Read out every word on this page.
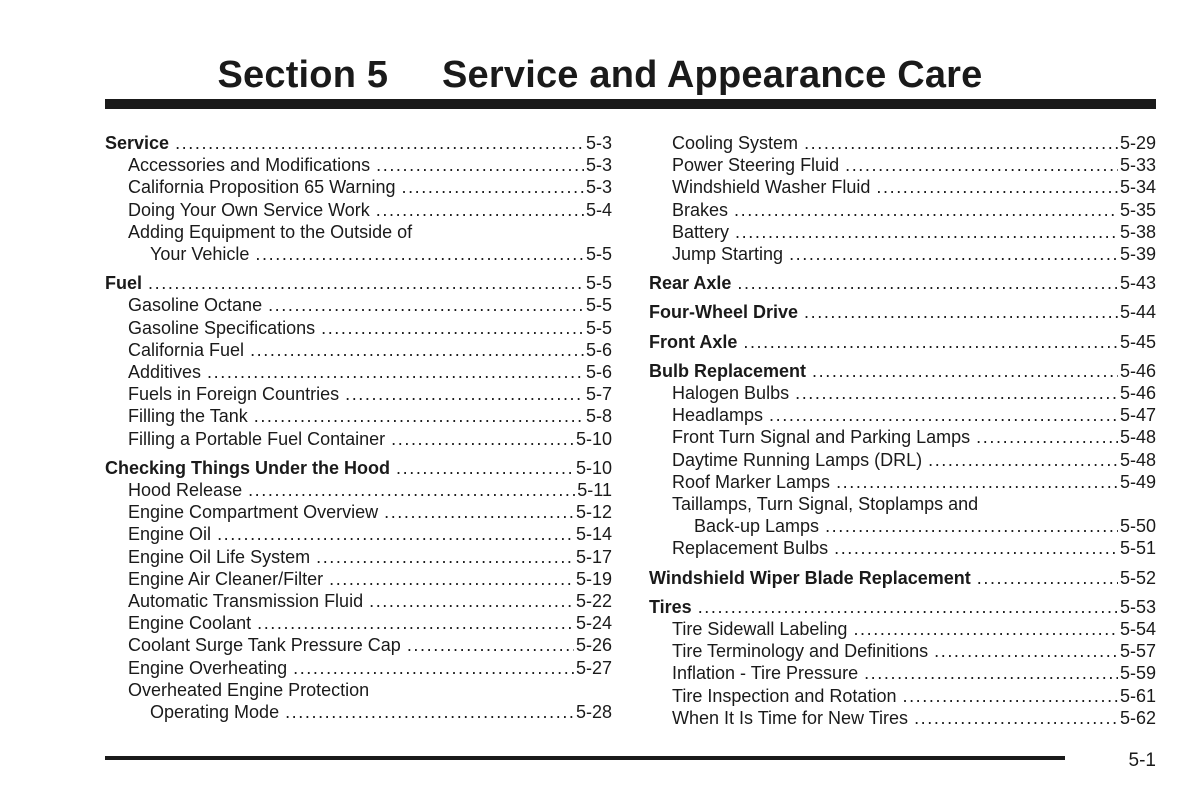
Section 5     Service and Appearance Care
Service .....	5-3
Accessories and Modifications .....	5-3
California Proposition 65 Warning .....	5-3
Doing Your Own Service Work .....	5-4
Adding Equipment to the Outside of
Your Vehicle .....	5-5
Fuel .....	5-5
Gasoline Octane .....	5-5
Gasoline Specifications .....	5-5
California Fuel .....	5-6
Additives .....	5-6
Fuels in Foreign Countries .....	5-7
Filling the Tank .....	5-8
Filling a Portable Fuel Container .....	5-10
Checking Things Under the Hood .....	5-10
Hood Release .....	5-11
Engine Compartment Overview .....	5-12
Engine Oil .....	5-14
Engine Oil Life System .....	5-17
Engine Air Cleaner/Filter .....	5-19
Automatic Transmission Fluid .....	5-22
Engine Coolant .....	5-24
Coolant Surge Tank Pressure Cap .....	5-26
Engine Overheating .....	5-27
Overheated Engine Protection
Operating Mode .....	5-28
Cooling System .....	5-29
Power Steering Fluid .....	5-33
Windshield Washer Fluid .....	5-34
Brakes .....	5-35
Battery .....	5-38
Jump Starting .....	5-39
Rear Axle .....	5-43
Four-Wheel Drive .....	5-44
Front Axle .....	5-45
Bulb Replacement .....	5-46
Halogen Bulbs .....	5-46
Headlamps .....	5-47
Front Turn Signal and Parking Lamps .....	5-48
Daytime Running Lamps (DRL) .....	5-48
Roof Marker Lamps .....	5-49
Taillamps, Turn Signal, Stoplamps and
Back-up Lamps .....	5-50
Replacement Bulbs .....	5-51
Windshield Wiper Blade Replacement .....	5-52
Tires .....	5-53
Tire Sidewall Labeling .....	5-54
Tire Terminology and Definitions .....	5-57
Inflation - Tire Pressure .....	5-59
Tire Inspection and Rotation .....	5-61
When It Is Time for New Tires .....	5-62
5-1
